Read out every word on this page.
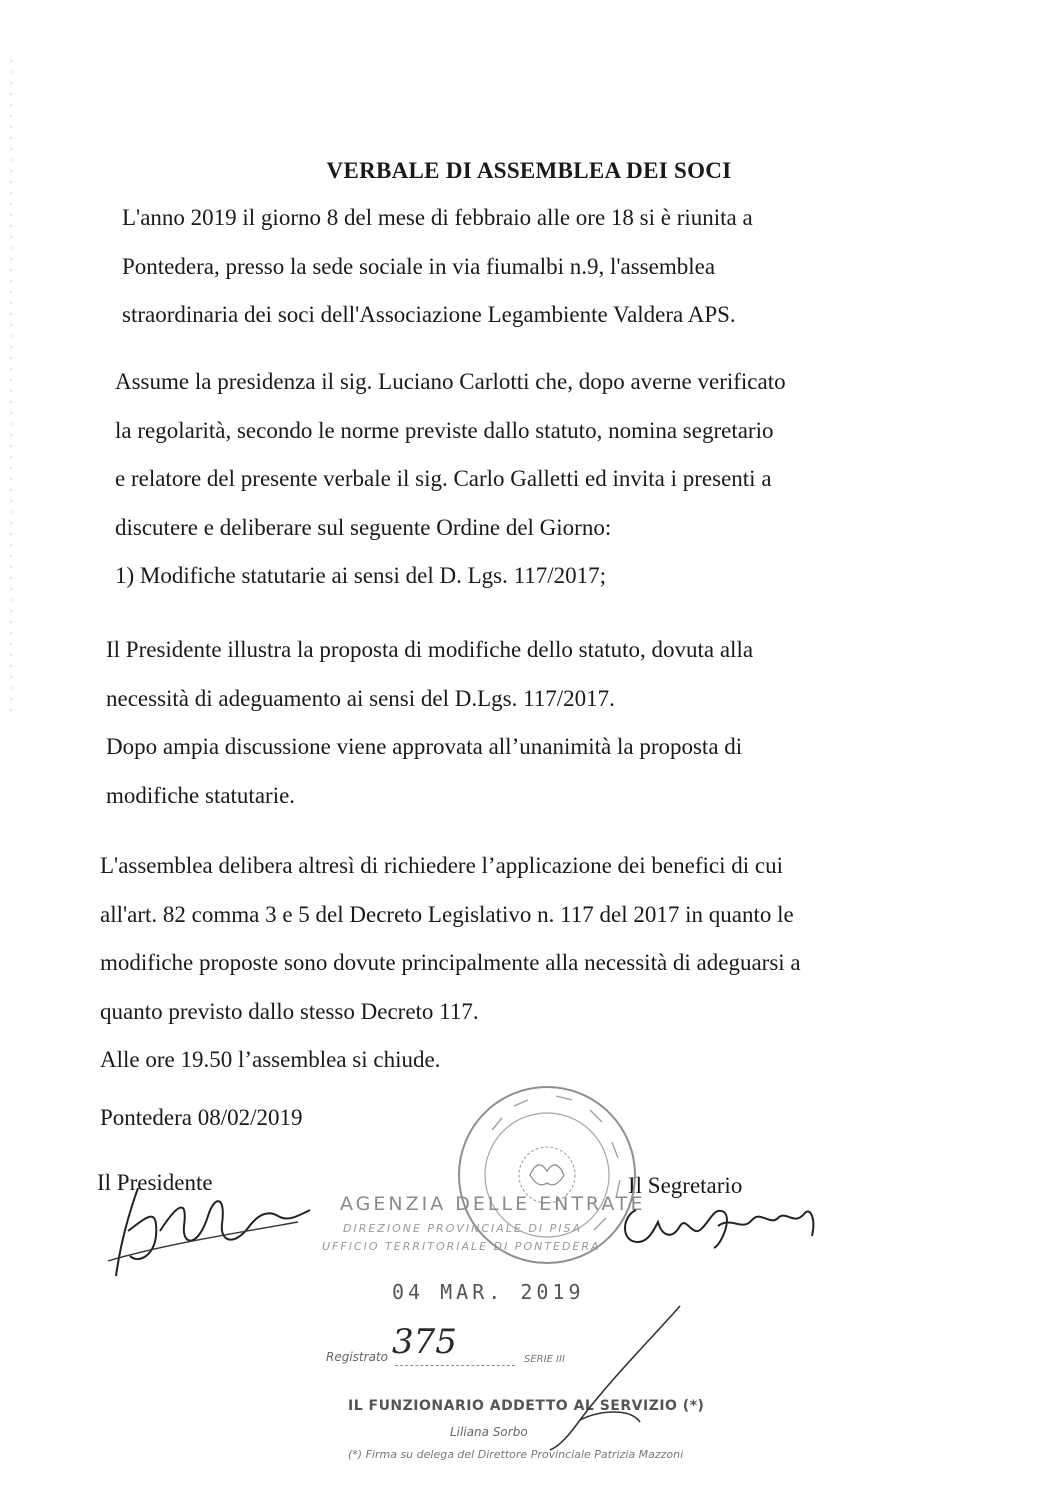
VERBALE DI ASSEMBLEA DEI SOCI

L'anno 2019 il giorno 8 del mese di febbraio alle ore 18 si è riunita a

Pontedera, presso la sede sociale in via fiumalbi n.9, l'assemblea

straordinaria dei soci dell'Associazione Legambiente Valdera APS.

Assume la presidenza il sig. Luciano Carlotti che, dopo averne verificato

la regolarità, secondo le norme previste dallo statuto, nomina segretario

e relatore del presente verbale il sig. Carlo Galletti ed invita i presenti a

discutere e deliberare sul seguente Ordine del Giorno:

1) Modifiche statutarie ai sensi del D. Lgs. 117/2017;

Il Presidente illustra la proposta di modifiche dello statuto, dovuta alla

necessità di adeguamento ai sensi del D.Lgs. 117/2017.

Dopo ampia discussione viene approvata all’unanimità la proposta di

modifiche statutarie.

L'assemblea delibera altresì di richiedere l’applicazione dei benefici di cui

all'art. 82 comma 3 e 5 del Decreto Legislativo n. 117 del 2017 in quanto le

modifiche proposte sono dovute principalmente alla necessità di adeguarsi a

quanto previsto dallo stesso Decreto 117.

Alle ore 19.50 l’assemblea si chiude.

Pontedera 08/02/2019
Il Presidente	Il Segretario
AGENZIA DELLE ENTRATE
DIREZIONE PROVINCIALE DI PISA
UFFICIO TERRITORIALE DI PONTEDERA
04 MAR. 2019
Registrato 375	SERIE III
IL FUNZIONARIO ADDETTO AL SERVIZIO (*)
Liliana Sorbo
(*) Firma su delega del Direttore Provinciale Patrizia Mazzoni
